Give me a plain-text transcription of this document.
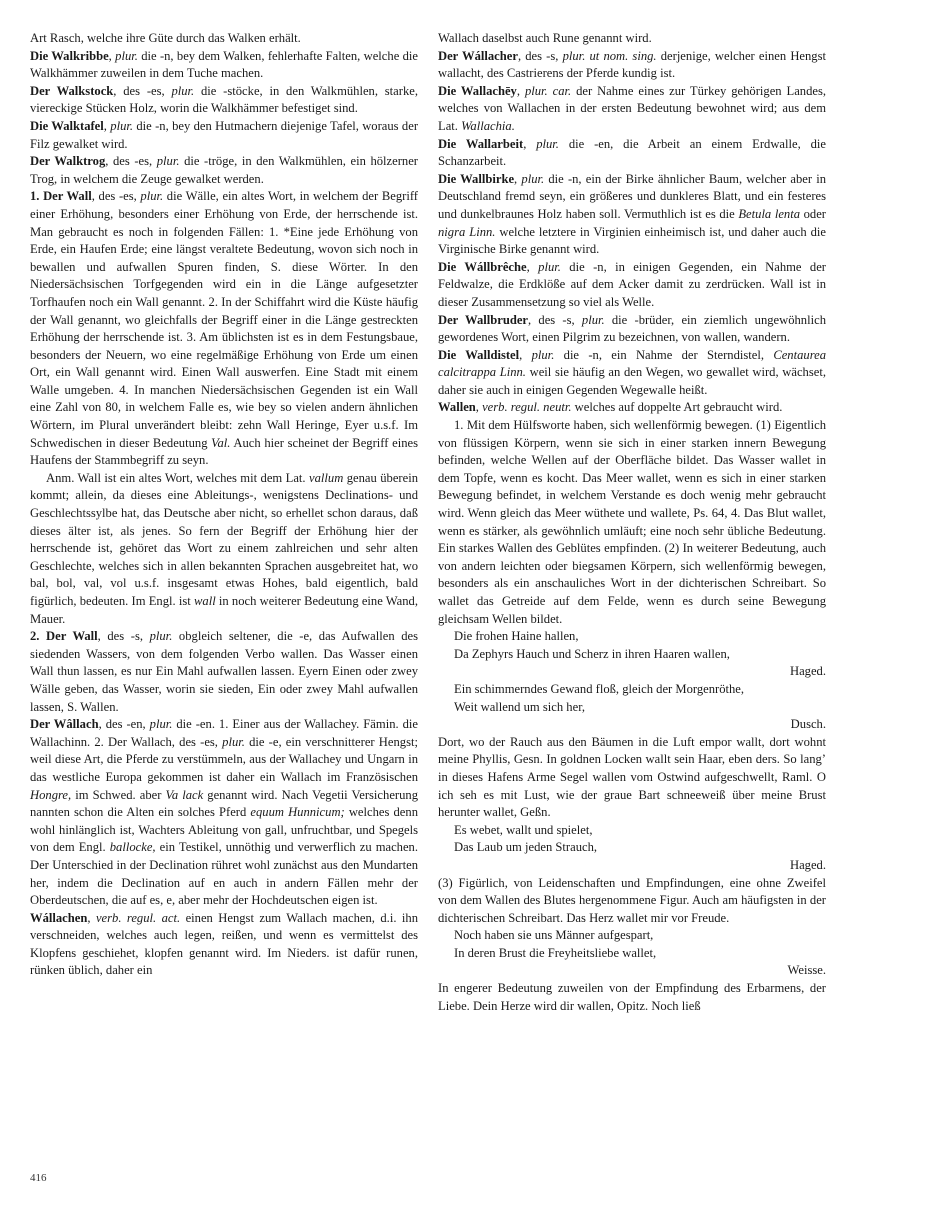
Art Rasch, welche ihre Güte durch das Walken erhält.

Die Walkribbe, plur. die -n, bey dem Walken, fehlerhafte Falten, welche die Walkhämmer zuweilen in dem Tuche machen.

Der Walkstock, des -es, plur. die -stöcke, in den Walkmühlen, starke, viereckige Stücken Holz, worin die Walkhämmer befestiget sind.

Die Walktafel, plur. die -n, bey den Hutmachern diejenige Tafel, woraus der Filz gewalket wird.

Der Walktrog, des -es, plur. die -tröge, in den Walkmühlen, ein hölzerner Trog, in welchem die Zeuge gewalket werden.

1. Der Wall, des -es, plur. die Wälle, ein altes Wort, in welchem der Begriff einer Erhöhung, besonders einer Erhöhung von Erde, der herrschende ist. Man gebraucht es noch in folgenden Fällen: 1. *Eine jede Erhöhung von Erde, ein Haufen Erde; eine längst veraltete Bedeutung, wovon sich noch in bewallen und aufwallen Spuren finden, S. diese Wörter. In den Niedersächsischen Torfgegenden wird ein in die Länge aufgesetzter Torfhaufen noch ein Wall genannt. 2. In der Schiffahrt wird die Küste häufig der Wall genannt, wo gleichfalls der Begriff einer in die Länge gestreckten Erhöhung der herrschende ist. 3. Am üblichsten ist es in dem Festungsbaue, besonders der Neuern, wo eine regelmäßige Erhöhung von Erde um einen Ort, ein Wall genannt wird. Einen Wall auswerfen. Eine Stadt mit einem Walle umgeben. 4. In manchen Niedersächsischen Gegenden ist ein Wall eine Zahl von 80, in welchem Falle es, wie bey so vielen andern ähnlichen Wörtern, im Plural unverändert bleibt: zehn Wall Heringe, Eyer u.s.f. Im Schwedischen in dieser Bedeutung Val. Auch hier scheinet der Begriff eines Haufens der Stammbegriff zu seyn.

Anm. Wall ist ein altes Wort, welches mit dem Lat. vallum genau überein kommt; allein, da dieses eine Ableitungs-, wenigstens Declinations- und Geschlechtssylbe hat, das Deutsche aber nicht, so erhellet schon daraus, daß dieses älter ist, als jenes. So fern der Begriff der Erhöhung hier der herrschende ist, gehöret das Wort zu einem zahlreichen und sehr alten Geschlechte, welches sich in allen bekannten Sprachen ausgebreitet hat, wo bal, bol, val, vol u.s.f. insgesamt etwas Hohes, bald eigentlich, bald figürlich, bedeuten. Im Engl. ist wall in noch weiterer Bedeutung eine Wand, Mauer.

2. Der Wall, des -s, plur. obgleich seltener, die -e, das Aufwallen des siedenden Wassers, von dem folgenden Verbo wallen. Das Wasser einen Wall thun lassen, es nur Ein Mahl aufwallen lassen. Eyern Einen oder zwey Wälle geben, das Wasser, worin sie sieden, Ein oder zwey Mahl aufwallen lassen, S. Wallen.

Der Wâllach, des -en, plur. die -en. 1. Einer aus der Wallachey. Fämin. die Wallachinn. 2. Der Wallach, des -es, plur. die -e, ein verschnitterer Hengst; weil diese Art, die Pferde zu verstümmeln, aus der Wallachey und Ungarn in das westliche Europa gekommen ist daher ein Wallach im Französischen Hongre, im Schwed. aber Va lack genannt wird. Nach Vegetii Versicherung nannten schon die Alten ein solches Pferd equum Hunnicum; welches denn wohl hinlänglich ist, Wachters Ableitung von gall, unfruchtbar, und Spegels von dem Engl. ballocke, ein Testikel, unnöthig und verwerflich zu machen. Der Unterschied in der Declination rühret wohl zunächst aus den Mundarten her, indem die Declination auf en auch in andern Fällen mehr der Oberdeutschen, die auf es, e, aber mehr der Hochdeutschen eigen ist.

Wállachen, verb. regul. act. einen Hengst zum Wallach machen, d.i. ihn verschneiden, welches auch legen, reißen, und wenn es vermittelst des Klopfens geschiehet, klopfen genannt wird. Im Nieders. ist dafür runen, rünken üblich, daher ein

Wallach daselbst auch Rune genannt wird.

Der Wállacher, des -s, plur. ut nom. sing. derjenige, welcher einen Hengst wallacht, des Castrierens der Pferde kundig ist.

Die Wallachēy, plur. car. der Nahme eines zur Türkey gehörigen Landes, welches von Wallachen in der ersten Bedeutung bewohnet wird; aus dem Lat. Wallachia.

Die Wallarbeit, plur. die -en, die Arbeit an einem Erdwalle, die Schanzarbeit.

Die Wallbirke, plur. die -n, ein der Birke ähnlicher Baum, welcher aber in Deutschland fremd seyn, ein größeres und dunkleres Blatt, und ein festeres und dunkelbraunes Holz haben soll. Vermuthlich ist es die Betula lenta oder nigra Linn. welche letztere in Virginien einheimisch ist, und daher auch die Virginische Birke genannt wird.

Die Wállbrêche, plur. die -n, in einigen Gegenden, ein Nahme der Feldwalze, die Erdklöße auf dem Acker damit zu zerdrücken. Wall ist in dieser Zusammensetzung so viel als Welle.

Der Wallbruder, des -s, plur. die -brüder, ein ziemlich ungewöhnlich gewordenes Wort, einen Pilgrim zu bezeichnen, von wallen, wandern.

Die Walldistel, plur. die -n, ein Nahme der Sterndistel, Centaurea calcitrappa Linn. weil sie häufig an den Wegen, wo gewallet wird, wächset, daher sie auch in einigen Gegenden Wegewalle heißt.

Wallen, verb. regul. neutr. welches auf doppelte Art gebraucht wird.

1. Mit dem Hülfsworte haben, sich wellenförmig bewegen. (1) Eigentlich von flüssigen Körpern, wenn sie sich in einer starken innern Bewegung befinden, welche Wellen auf der Oberfläche bildet. Das Wasser wallet in dem Topfe, wenn es kocht. Das Meer wallet, wenn es sich in einer starken Bewegung befindet, in welchem Verstande es doch wenig mehr gebraucht wird. Wenn gleich das Meer wüthete und wallete, Ps. 64, 4. Das Blut wallet, wenn es stärker, als gewöhnlich umläuft; eine noch sehr übliche Bedeutung. Ein starkes Wallen des Geblütes empfinden. (2) In weiterer Bedeutung, auch von andern leichten oder biegsamen Körpern, sich wellenförmig bewegen, besonders als ein anschauliches Wort in der dichterischen Schreibart. So wallet das Getreide auf dem Felde, wenn es durch seine Bewegung gleichsam Wellen bildet.

Die frohen Haine hallen,

Da Zephyrs Hauch und Scherz in ihren Haaren wallen,

Haged.

Ein schimmerndes Gewand floß, gleich der Morgenröthe,

Weit wallend um sich her,

Dusch.

Dort, wo der Rauch aus den Bäumen in die Luft empor wallt, dort wohnt meine Phyllis, Gesn. In goldnen Locken wallt sein Haar, eben ders. So lang’ in dieses Hafens Arme Segel wallen vom Ostwind aufgeschwellt, Raml. O ich seh es mit Lust, wie der graue Bart schneeweiß über meine Brust herunter wallet, Geßn.

Es webet, wallt und spielet,

Das Laub um jeden Strauch,

Haged.

(3) Figürlich, von Leidenschaften und Empfindungen, eine ohne Zweifel von dem Wallen des Blutes hergenommene Figur. Auch am häufigsten in der dichterischen Schreibart. Das Herz wallet mir vor Freude.

Noch haben sie uns Männer aufgespart,

In deren Brust die Freyheitsliebe wallet,

Weisse.

In engerer Bedeutung zuweilen von der Empfindung des Erbarmens, der Liebe. Dein Herze wird dir wallen, Opitz. Noch ließ

416
